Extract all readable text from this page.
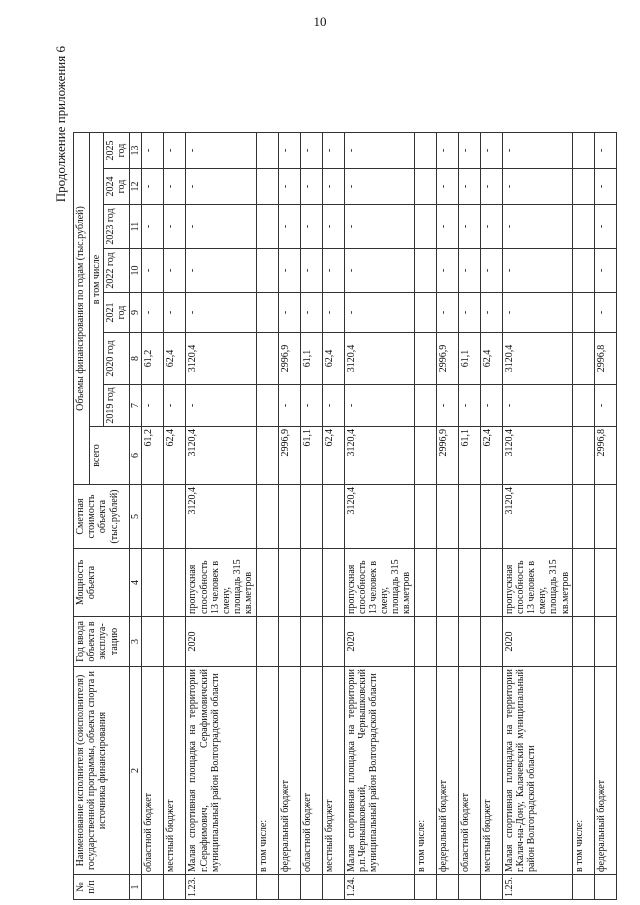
10
Продолжение приложения 6
№ п/п	Наименование исполнителя (соисполнителя) государственной программы, объекта спорта и источника финансирования	Год ввода объекта в эксплуа-тацию	Мощность объекта	Сметная стоимость объекта (тыс.рублей)	Объемы финансирования по годам (тыс.рублей)							
					всего	в том числе						
						2019 год	2020 год	2021 год	2022 год	2023 год	2024 год	2025 год
1	2	3	4	5	6	7	8	9	10	11	12	13
	областной бюджет				61,2	-	61,2	-	-	-	-	-
	местный бюджет				62,4	-	62,4	-	-	-	-	-
1.23.	Малая спортивная площадка на территории г.Серафимович, Серафимовичский муниципальный район Волгоградской области	2020	пропускная способность 13 человек в смену, площадь 315 кв.метров	3120,4	3120,4	-	3120,4	-	-	-	-	-
	в том числе:											
	федеральный бюджет				2996,9	-	2996,9	-	-	-	-	-
	областной бюджет				61,1	-	61,1	-	-	-	-	-
	местный бюджет				62,4	-	62,4	-	-	-	-	-
1.24.	Малая спортивная площадка на территории р.п.Чернышковский, Чернышковский муниципальный район Волгоградской области	2020	пропускная способность 13 человек в смену, площадь 315 кв.метров	3120,4	3120,4	-	3120,4	-	-	-	-	-
	в том числе:											
	федеральный бюджет				2996,9	-	2996,9	-	-	-	-	-
	областной бюджет				61,1	-	61,1	-	-	-	-	-
	местный бюджет				62,4	-	62,4	-	-	-	-	-
1.25.	Малая спортивная площадка на территории г.Калач-на-Дону, Калачевский муниципальный район Волгоградской области	2020	пропускная способность 13 человек в смену, площадь 315 кв.метров	3120,4	3120,4	-	3120,4	-	-	-	-	-
	в том числе:											
	федеральный бюджет				2996,8	-	2996,8	-	-	-	-	-
